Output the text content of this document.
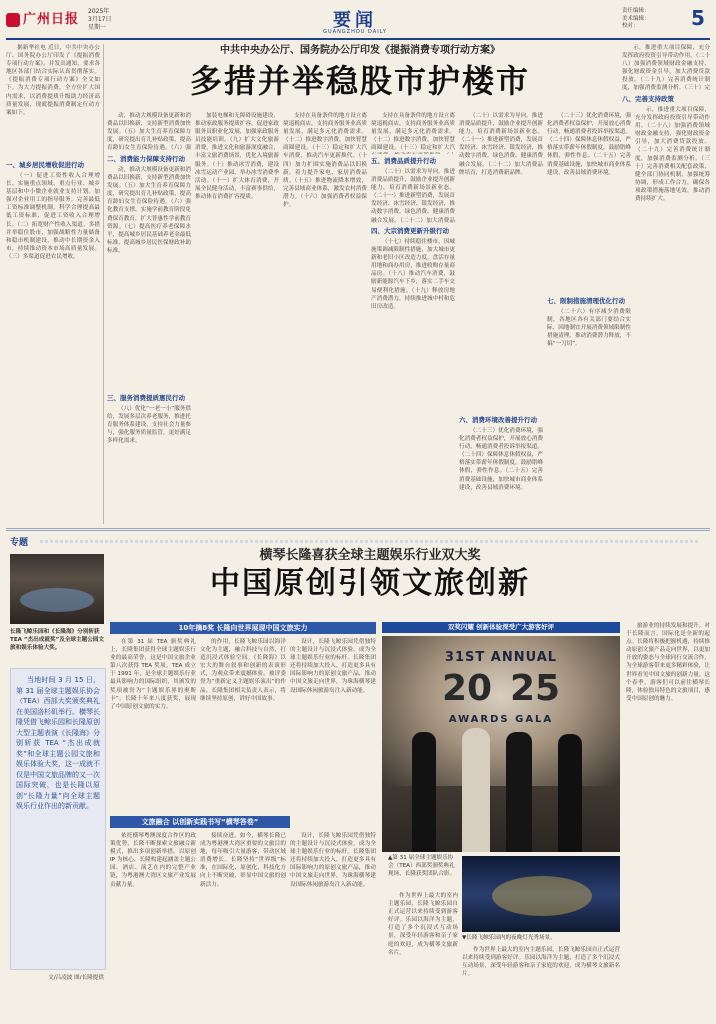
广州日报
2025年
3月17日
星期一	要闻
GUANGZHOU DAILY
责任编辑：
美术编辑：
校对：	5
中共中央办公厅、国务院办公厅印发《提振消费专项行动方案》
多措并举稳股市护楼市

据新华社电 近日，中共中央办公厅、国务院办公厅印发了《提振消费专项行动方案》，并发出通知，要求各地区各部门结合实际认真贯彻落实。《提振消费专项行动方案》全文如下。为大力提振消费，全方位扩大国内需求，以消费提质升级助力经济高质量发展，现就提振消费制定行动方案如下。

一、城乡居民增收促进行动

（一）促进工资性收入合理增长。实施重点领域、重点行业、城乡基层和中小微企业就业支持计划。加强对企业用工的指导服务。完善最低工资标准调整机制，科学合理提高最低工资标准，促进工资收入合理增长。（二）拓宽财产性收入渠道。多措并举稳住股市，加强战略性力量储备和稳市机制建设，推动中长期资金入市，持续推动资本市场高质量发展。（三）多渠道促进农民增收。

动，推动大规模设备更新和消费品以旧换新，支持新型消费加快发展。（五）加大生育养育保障力度，研究提出育儿补贴政策，提高育龄妇女生育保险待遇。（六）强

二、消费能力保障支持行动

动，推动大规模设备更新和消费品以旧换新，支持新型消费加快发展。（五）加大生育养育保障力度，研究提出育儿补贴政策，提高育龄妇女生育保险待遇。（六）强化教育支撑，实施学前教育阶段免费保育教育，扩大普惠性学前教育资源。（七）提高医疗养老保障水平，提高城乡居民基础养老金最低标准，提高城乡居民医保财政补助标准。

三、服务消费提质惠民行动

（八）优化“一老一小”服务供给，发展多层次养老服务，推进托育服务体系建设，支持社会力量参与，强化服务质量监管，更好满足多样化需求。

加装电梯和无障碍设施建设，推动家政服务提质扩容，促进家政服务员职业化发展，加强家政服务员技能培训。（九）扩大文化旅游消费，推进文化和旅游深度融合，丰富文旅消费场景，优化入境旅游服务。（十）推动冰雪消费，建设冰雪运动产业园，举办冰雪消费季活动。（十一）扩大体育消费，开展全民健身活动，丰富赛事供给，推动体育消费扩容提质。

支持在具备条件的地方设立离境退税商店，支持商务服务业高质量发展，满足多元化消费需求。（十二）推进数字消费，加快智慧商圈建设。（十三）稳定和扩大汽车消费，推动汽车更新换代。（十四）加力扩围实施消费品以旧换新，着力提升家电、家居消费品质。（十五）推进物流降本增效，完善县域商业体系，激发农村消费潜力。（十六）加强消费者权益保护。

支持在具备条件的地方设立离境退税商店，支持商务服务业高质量发展，满足多元化消费需求。（十二）推进数字消费，加快智慧商圈建设。（十三）稳定和扩大汽

五、消费品质提升行动

（二十）以需求为导向，推进消费品质提升，鼓励企业提升创新能力，培育消费新场景新业态。（二十一）推进新型消费，发展首发经济、冰雪经济、银发经济，推动数字消费、绿色消费、健康消费融合发展。（二十二）加大消费品

四、大宗消费更新升级行动

（十七）持续稳住楼市，因城施策调减限制性措施，加大城市更新和老旧小区改造力度，盘活存量用地和商办用房，推进收购存量商品房。（十八）推动汽车消费，鼓励新能源汽车下乡，落实二手车交易便利化措施。（十九）释放房地产消费潜力，持续推进城中村和危旧房改造。

（二十）以需求为导向，推进消费品质提升，鼓励企业提升创新能力，培育消费新场景新业态。（二十一）推进新型消费，发展首发经济、冰雪经济、银发经济，推动数字消费、绿色消费、健康消费融合发展。（二十二）加大消费品牌培育，打造消费新品牌。

六、消费环境改善提升行动

（二十三）优化消费环境，强化消费者权益保护，开展放心消费行动，畅通消费者投诉举报渠道。（二十四）保障休息休假权益，严格落实带薪年休假制度，鼓励错峰休假，弹性作息。（二十五）完善消费基础设施，加快城市商业体系建设，改善县域消费环境。

（二十三）优化消费环境，强化消费者权益保护，开展放心消费行动，畅通消费者投诉举报渠道。（二十四）保障休息休假权益，严格落实带薪年休假制度，鼓励错峰休假，弹性作息。（二十五）完善消费基础设施，加快城市商业体系建设，改善县域消费环境。

七、限制措施清理优化行动

（二十六）有序减少消费限制，各地区各有关部门要结合实际，因地制宜开展消费领域限制性措施清理，推动消费潜力释放，不搞“一刀切”。

示，推进重大项目保障，充分发挥政府投资引导带动作用。（二十八）加强消费领域财政金融支持，强化财政资金引导，加大消费贷款投放。（二十九）完善消费统计制度，加强消费监测分析。（三十）完

八、完善支持政策

示，推进重大项目保障，充分发挥政府投资引导带动作用。（二十八）加强消费领域财政金融支持，强化财政资金引导，加大消费贷款投放。（二十九）完善消费统计制度，加强消费监测分析。（三十）完善消费相关配套政策，健全部门协同机制，加强统筹协调，形成工作合力，确保各项政策措施落地见效，推动消费持续扩大。

专题
横琴长隆喜获全球主题娱乐行业双大奖
中国原创引领文旅创新
长隆飞鲸乐园和《长隆海》分别斩获 TEA “杰出成就奖”及全球主题公园文旅和娱乐体验大奖。

当地时间 3 月 15 日，第 31 届全球主题娱乐协会（TEA）西部大奖颁奖典礼在美国洛杉矶举行。横琴长隆凭借飞鲸乐园和长隆原创大型主题表演《长隆海》分别斩获 TEA “杰出成就奖”和全球主题公园文旅和娱乐体验大奖，这一成就不仅是中国文旅品牌的又一次国际突破，也是长隆以原创“长隆力量”向全球主题娱乐行业作出的新贡献。

文/吕凌波 图/长隆提供
10年摘8奖 长隆向世界展现中国文旅实力

在第 31 届 TEA 颁奖典礼上，长隆集团获得全球主题娱乐行业的最高荣誉，这是中国文旅企业第八次获得 TEA 奖项。TEA 成立于 1991 年，是全球主题娱乐行业最具影响力的国际组织，其颁发的奖项被誉为“主题娱乐界的奥斯卡”。长隆十年来八度获奖，展现了中国原创文旅的实力。

的作用，长隆飞鲸乐园以海洋文化为主题，融合科技与自然，打造沉浸式体验空间。《长隆海》以宏大的舞台叙事和创新的表演形式，为观众带来震撼体验，被评委誉为“重新定义主题娱乐演出”的作品。长隆集团相关负责人表示，将继续坚持原创，讲好中国故事。

设计，长隆飞鲸乐园凭借独特的主题设计与沉浸式体验，成为全球主题娱乐行业的标杆。长隆集团还将持续加大投入，打造更多具有国际影响力的原创文旅产品，推动中国文旅走向世界，为珠海横琴建设国际休闲旅游岛注入新动能。

文旅融合 以创新实践书写“横琴答卷”

依托横琴粤澳深度合作区的政策优势，长隆不断探索文旅融合新模式，推出多项创新举措。以原创 IP 为核心，长隆构建起涵盖主题公园、酒店、演艺在内的完整产业链，为粤港澳大湾区文旅产业发展贡献力量。

接续奋进。如今，横琴长隆已成为粤港澳大湾区重要的文旅目的地，每年吸引大量游客，带动区域消费增长。长隆坚持“世界级”标准，在国际化、原创化、科技化方向上不断突破，彰显中国文旅的创新活力。

设计，长隆飞鲸乐园凭借独特的主题设计与沉浸式体验，成为全球主题娱乐行业的标杆。长隆集团还将持续加大投入，打造更多具有国际影响力的原创文旅产品，推动中国文旅走向世界，为珠海横琴建设国际休闲旅游岛注入新动能。

双奖闪耀 创新体验深受广大游客好评
31ST ANNUAL
20 25
AWARDS GALA
▲第 31 届全球主题娱乐协会（TEA）西部奖颁奖典礼现场，长隆获奖团队合影。
▼长隆飞鲸乐园内的夜晚灯光秀场景。

作为世界上最大的室内主题乐园，长隆飞鲸乐园自正式运营以来持续受到游客好评。乐园以海洋为主题，打造了多个沉浸式互动场景，深受年轻游客和亲子家庭的欢迎，成为横琴文旅新名片。	作为世界上最大的室内主题乐园，长隆飞鲸乐园自正式运营以来持续受到游客好评。乐园以海洋为主题，打造了多个沉浸式互动场景，深受年轻游客和亲子家庭的欢迎，成为横琴文旅新名片。

旅游业的持续发展和提升。对于长隆而言，国际化是全新的起点。长隆将积极把握机遇，持续推动原创文旅产品走向世界，以更加开放的姿态与全球同行交流合作，为全球游客带来更多精彩体验，让世界看见中国文旅的创新力量。这个春季，游客们可以前往横琴长隆，体验独具特色的文旅项目，感受中国原创的魅力。
